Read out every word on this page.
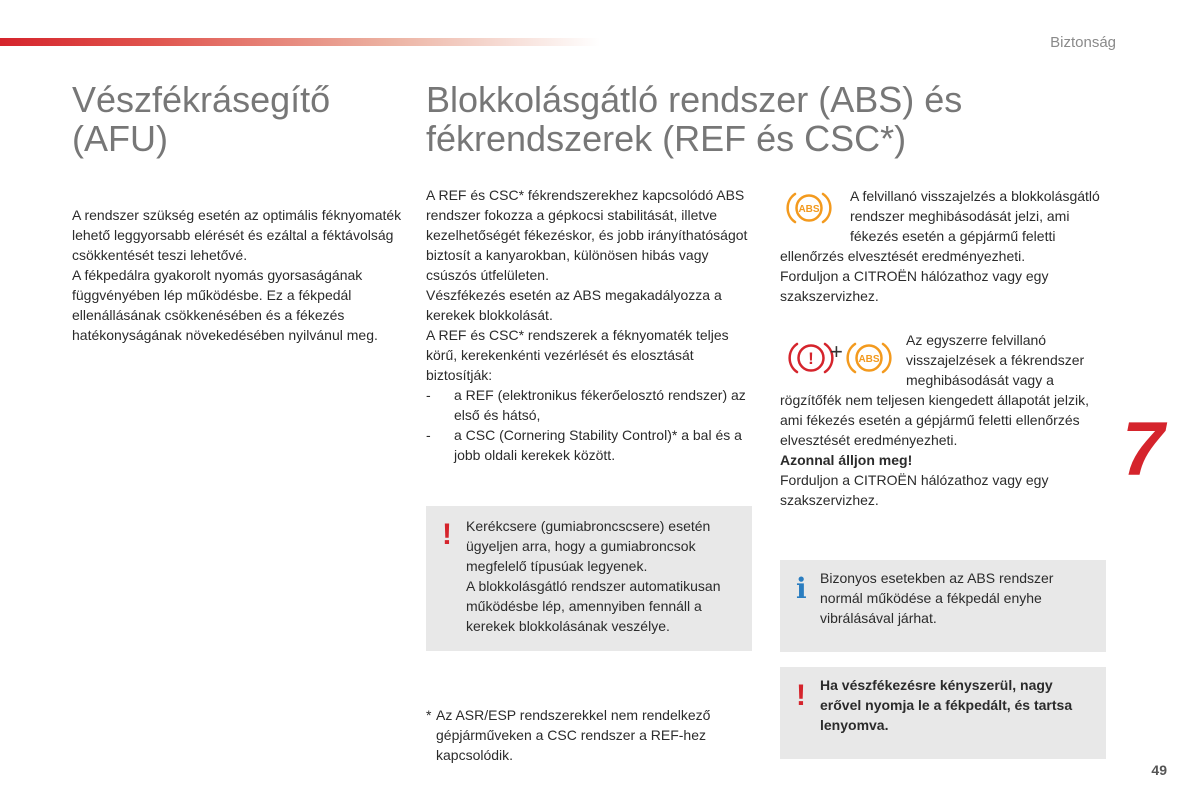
Biztonság
Vészfékrásegítő
(AFU)

A rendszer szükség esetén az optimális féknyomaték lehető leggyorsabb elérését és ezáltal a féktávolság csökkentését teszi lehetővé.

A fékpedálra gyakorolt nyomás gyorsaságának függvényében lép működésbe. Ez a fékpedál ellenállásának csökkenésében és a fékezés hatékonyságának növekedésében nyilvánul meg.

Blokkolásgátló rendszer (ABS) és
fékrendszerek (REF és CSC*)

A REF és CSC* fékrendszerekhez kapcsolódó ABS rendszer fokozza a gépkocsi stabilitását, illetve kezelhetőségét fékezéskor, és jobb irányíthatóságot biztosít a kanyarokban, különösen hibás vagy csúszós útfelületen.

Vészfékezés esetén az ABS megakadályozza a kerekek blokkolását.

A REF és CSC* rendszerek a féknyomaték teljes körű, kerekenkénti vezérlését és elosztását biztosítják:

- a REF (elektronikus fékerőelosztó rendszer) az első és hátsó,
- a CSC (Cornering Stability Control)* a bal és a jobb oldali kerekek között.
! Kerékcsere (gumiabroncscsere) esetén ügyeljen arra, hogy a gumiabroncsok megfelelő típusúak legyenek.

A blokkolásgátló rendszer automatikusan működésbe lép, amennyiben fennáll a kerekek blokkolásának veszélye.

* Az ASR/ESP rendszerekkel nem rendelkező gépjárműveken a CSC rendszer a REF-hez kapcsolódik.
ABS

A felvillanó visszajelzés a blokkolásgátló

rendszer meghibásodását jelzi, ami

fékezés esetén a gépjármű feletti

ellenőrzés elvesztését eredményezheti.

Forduljon a CITROËN hálózathoz vagy egy szakszervizhez.

! + ABS

Az egyszerre felvillanó

visszajelzések a fékrendszer

meghibásodását vagy a

rögzítőfék nem teljesen kiengedett állapotát jelzik, ami fékezés esetén a gépjármű feletti ellenőrzés elvesztését eredményezheti.

Azonnal álljon meg!

Forduljon a CITROËN hálózathoz vagy egy szakszervizhez.

i Bizonyos esetekben az ABS rendszer normál működése a fékpedál enyhe vibrálásával járhat.
! Ha vészfékezésre kényszerül, nagy erővel nyomja le a fékpedált, és tartsa lenyomva.
7
49
